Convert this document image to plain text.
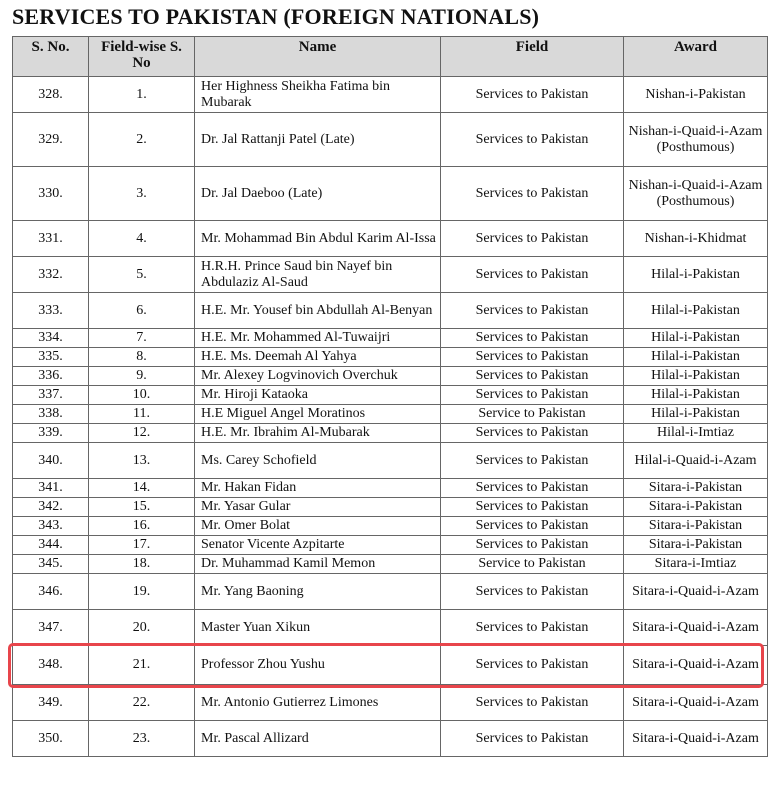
SERVICES TO PAKISTAN (FOREIGN NATIONALS)
S. No.	Field-wise S. No	Name	Field	Award
328.	1.	Her Highness Sheikha Fatima bin Mubarak	Services to Pakistan	Nishan-i-Pakistan
329.	2.	Dr. Jal Rattanji Patel (Late)	Services to Pakistan	Nishan-i-Quaid-i-Azam (Posthumous)
330.	3.	Dr. Jal Daeboo (Late)	Services to Pakistan	Nishan-i-Quaid-i-Azam (Posthumous)
331.	4.	Mr. Mohammad Bin Abdul Karim Al-Issa	Services to Pakistan	Nishan-i-Khidmat
332.	5.	H.R.H. Prince Saud bin Nayef bin Abdulaziz Al-Saud	Services to Pakistan	Hilal-i-Pakistan
333.	6.	H.E. Mr. Yousef bin Abdullah Al-Benyan	Services to Pakistan	Hilal-i-Pakistan
334.	7.	H.E. Mr. Mohammed Al-Tuwaijri	Services to Pakistan	Hilal-i-Pakistan
335.	8.	H.E. Ms. Deemah Al Yahya	Services to Pakistan	Hilal-i-Pakistan
336.	9.	Mr. Alexey Logvinovich Overchuk	Services to Pakistan	Hilal-i-Pakistan
337.	10.	Mr. Hiroji Kataoka	Services to Pakistan	Hilal-i-Pakistan
338.	11.	H.E Miguel Angel Moratinos	Service to Pakistan	Hilal-i-Pakistan
339.	12.	H.E. Mr. Ibrahim Al-Mubarak	Services to Pakistan	Hilal-i-Imtiaz
340.	13.	Ms. Carey Schofield	Services to Pakistan	Hilal-i-Quaid-i-Azam
341.	14.	Mr. Hakan Fidan	Services to Pakistan	Sitara-i-Pakistan
342.	15.	Mr. Yasar Gular	Services to Pakistan	Sitara-i-Pakistan
343.	16.	Mr. Omer Bolat	Services to Pakistan	Sitara-i-Pakistan
344.	17.	Senator Vicente Azpitarte	Services to Pakistan	Sitara-i-Pakistan
345.	18.	Dr. Muhammad Kamil Memon	Service to Pakistan	Sitara-i-Imtiaz
346.	19.	Mr. Yang Baoning	Services to Pakistan	Sitara-i-Quaid-i-Azam
347.	20.	Master Yuan Xikun	Services to Pakistan	Sitara-i-Quaid-i-Azam
348.	21.	Professor Zhou Yushu	Services to Pakistan	Sitara-i-Quaid-i-Azam
349.	22.	Mr. Antonio Gutierrez Limones	Services to Pakistan	Sitara-i-Quaid-i-Azam
350.	23.	Mr. Pascal Allizard	Services to Pakistan	Sitara-i-Quaid-i-Azam
